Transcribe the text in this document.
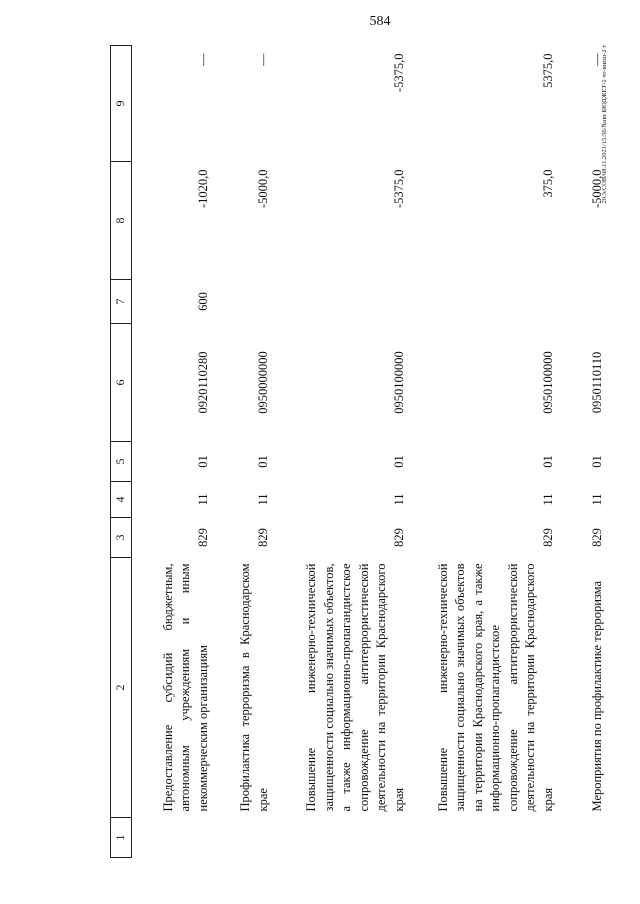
584
20.3/СОВ/08.11.2021/15:56/№пп БЮДЖЕТ-2 чт-внеш-2 т
1	2	3	4	5	6	7	8	9
	Предоставление субсидий бюджетным, автономным учреждениям и иным некоммерческим организациям	829	11	01	0920110280	600	-1020,0	—
	Профилактика терроризма в Краснодарском крае	829	11	01	0950000000		-5000,0	—
	Повышение инженерно-технической защищенности социально значимых объектов, а также информационно-пропагандистское сопровождение антитеррористической деятельности на территории Краснодарского края	829	11	01	0950100000		-5375,0	-5375,0
	Повышение инженерно-технической защищенности социально значимых объектов на территории Краснодарского края, а также информационно-пропагандистское сопровождение антитеррористической деятельности на территории Краснодарского края	829	11	01	0950100000		375,0	5375,0
	Мероприятия по профилактике терроризма	829	11	01	0950110110		-5000,0	—
